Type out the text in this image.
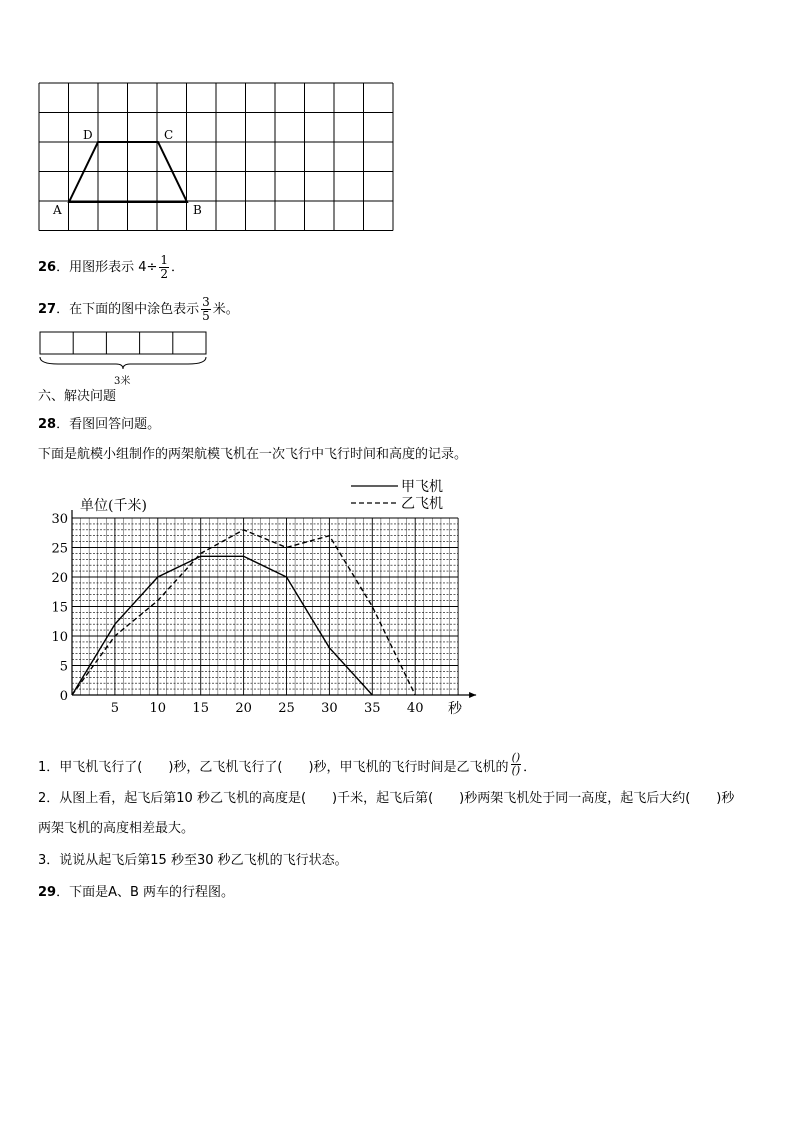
A	B
C
D
26．用图形表示 $4\div \frac{1}{2}$ ．
27．在下面的图中涂色表示 $\frac{3}{5}$ 米。
3米
六、解决问题
28．看图回答问题。
下面是航模小组制作的两架航模飞机在一次飞行中飞行时间和高度的记录。
5 10 15 20 25 30 35 40
0
5
10
15
20
25
30
甲飞机
乙飞机
单位(千米)
秒
1．甲飞机飞行了(　　)秒，乙飞机飞行了(　　)秒，甲飞机的飞行时间是乙飞机的 $\frac{()}{()}$ ．
2．从图上看，起飞后第10 秒乙飞机的高度是(　　)千米，起飞后第(　　)秒两架飞机处于同一高度，起飞后大约(　　)秒
两架飞机的高度相差最大。
3．说说从起飞后第15 秒至30 秒乙飞机的飞行状态。
29．下面是A、B 两车的行程图。
